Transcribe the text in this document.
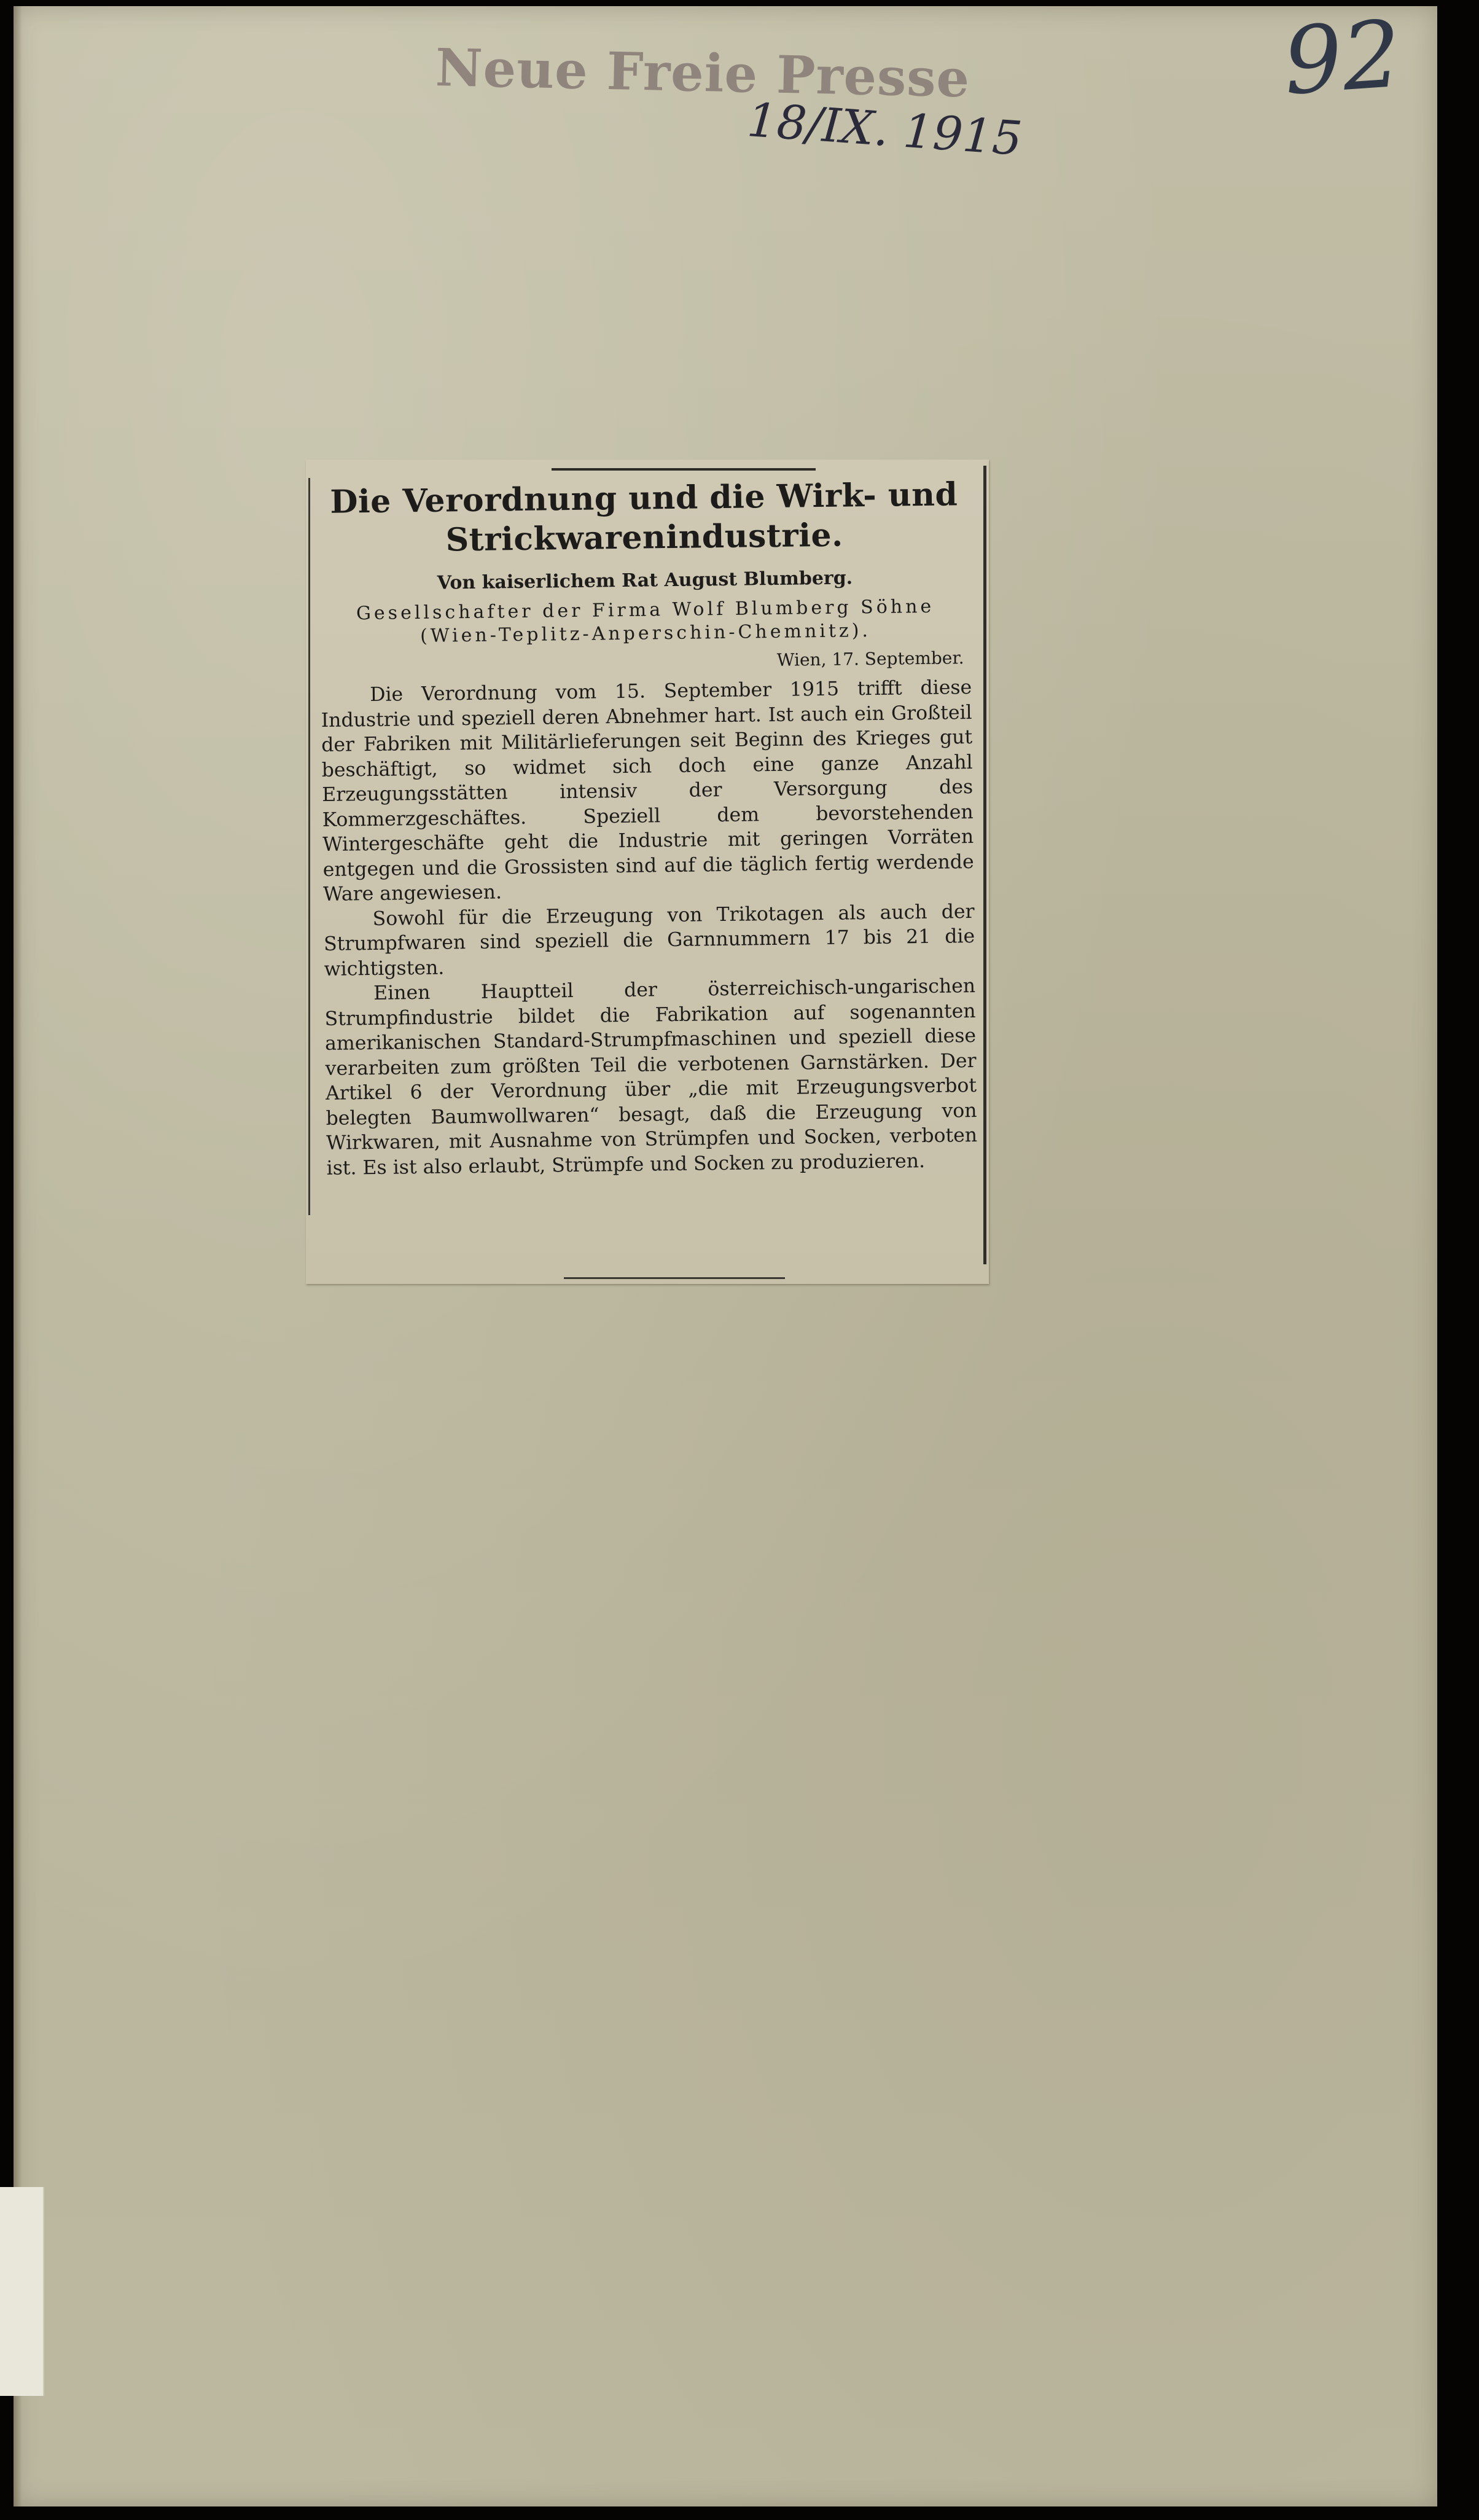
Neue Freie Presse
18/IX. 1915
92
Die Verordnung und die Wirk- und Strickwarenindustrie.
Von kaiserlichem Rat August Blumberg.
Gesellschafter der Firma Wolf Blumberg Söhne (Wien-Teplitz-Anperschin-Chemnitz).
Wien, 17. September.

Die Verordnung vom 15. September 1915 trifft diese Industrie und speziell deren Abnehmer hart. Ist auch ein Großteil der Fabriken mit Militärlieferungen seit Beginn des Krieges gut beschäftigt, so widmet sich doch eine ganze Anzahl Erzeugungsstätten intensiv der Versorgung des Kommerzgeschäftes. Speziell dem bevorstehenden Wintergeschäfte geht die Industrie mit geringen Vorräten entgegen und die Grossisten sind auf die täglich fertig werdende Ware angewiesen.

Sowohl für die Erzeugung von Trikotagen als auch der Strumpfwaren sind speziell die Garnnummern 17 bis 21 die wichtigsten.

Einen Hauptteil der österreichisch-ungarischen Strumpfindustrie bildet die Fabrikation auf sogenannten amerikanischen Standard-Strumpfmaschinen und speziell diese verarbeiten zum größten Teil die verbotenen Garnstärken. Der Artikel 6 der Verordnung über „die mit Erzeugungsverbot belegten Baumwollwaren“ besagt, daß die Erzeugung von Wirkwaren, mit Ausnahme von Strümpfen und Socken, verboten ist. Es ist also erlaubt, Strümpfe und Socken zu produzieren.
